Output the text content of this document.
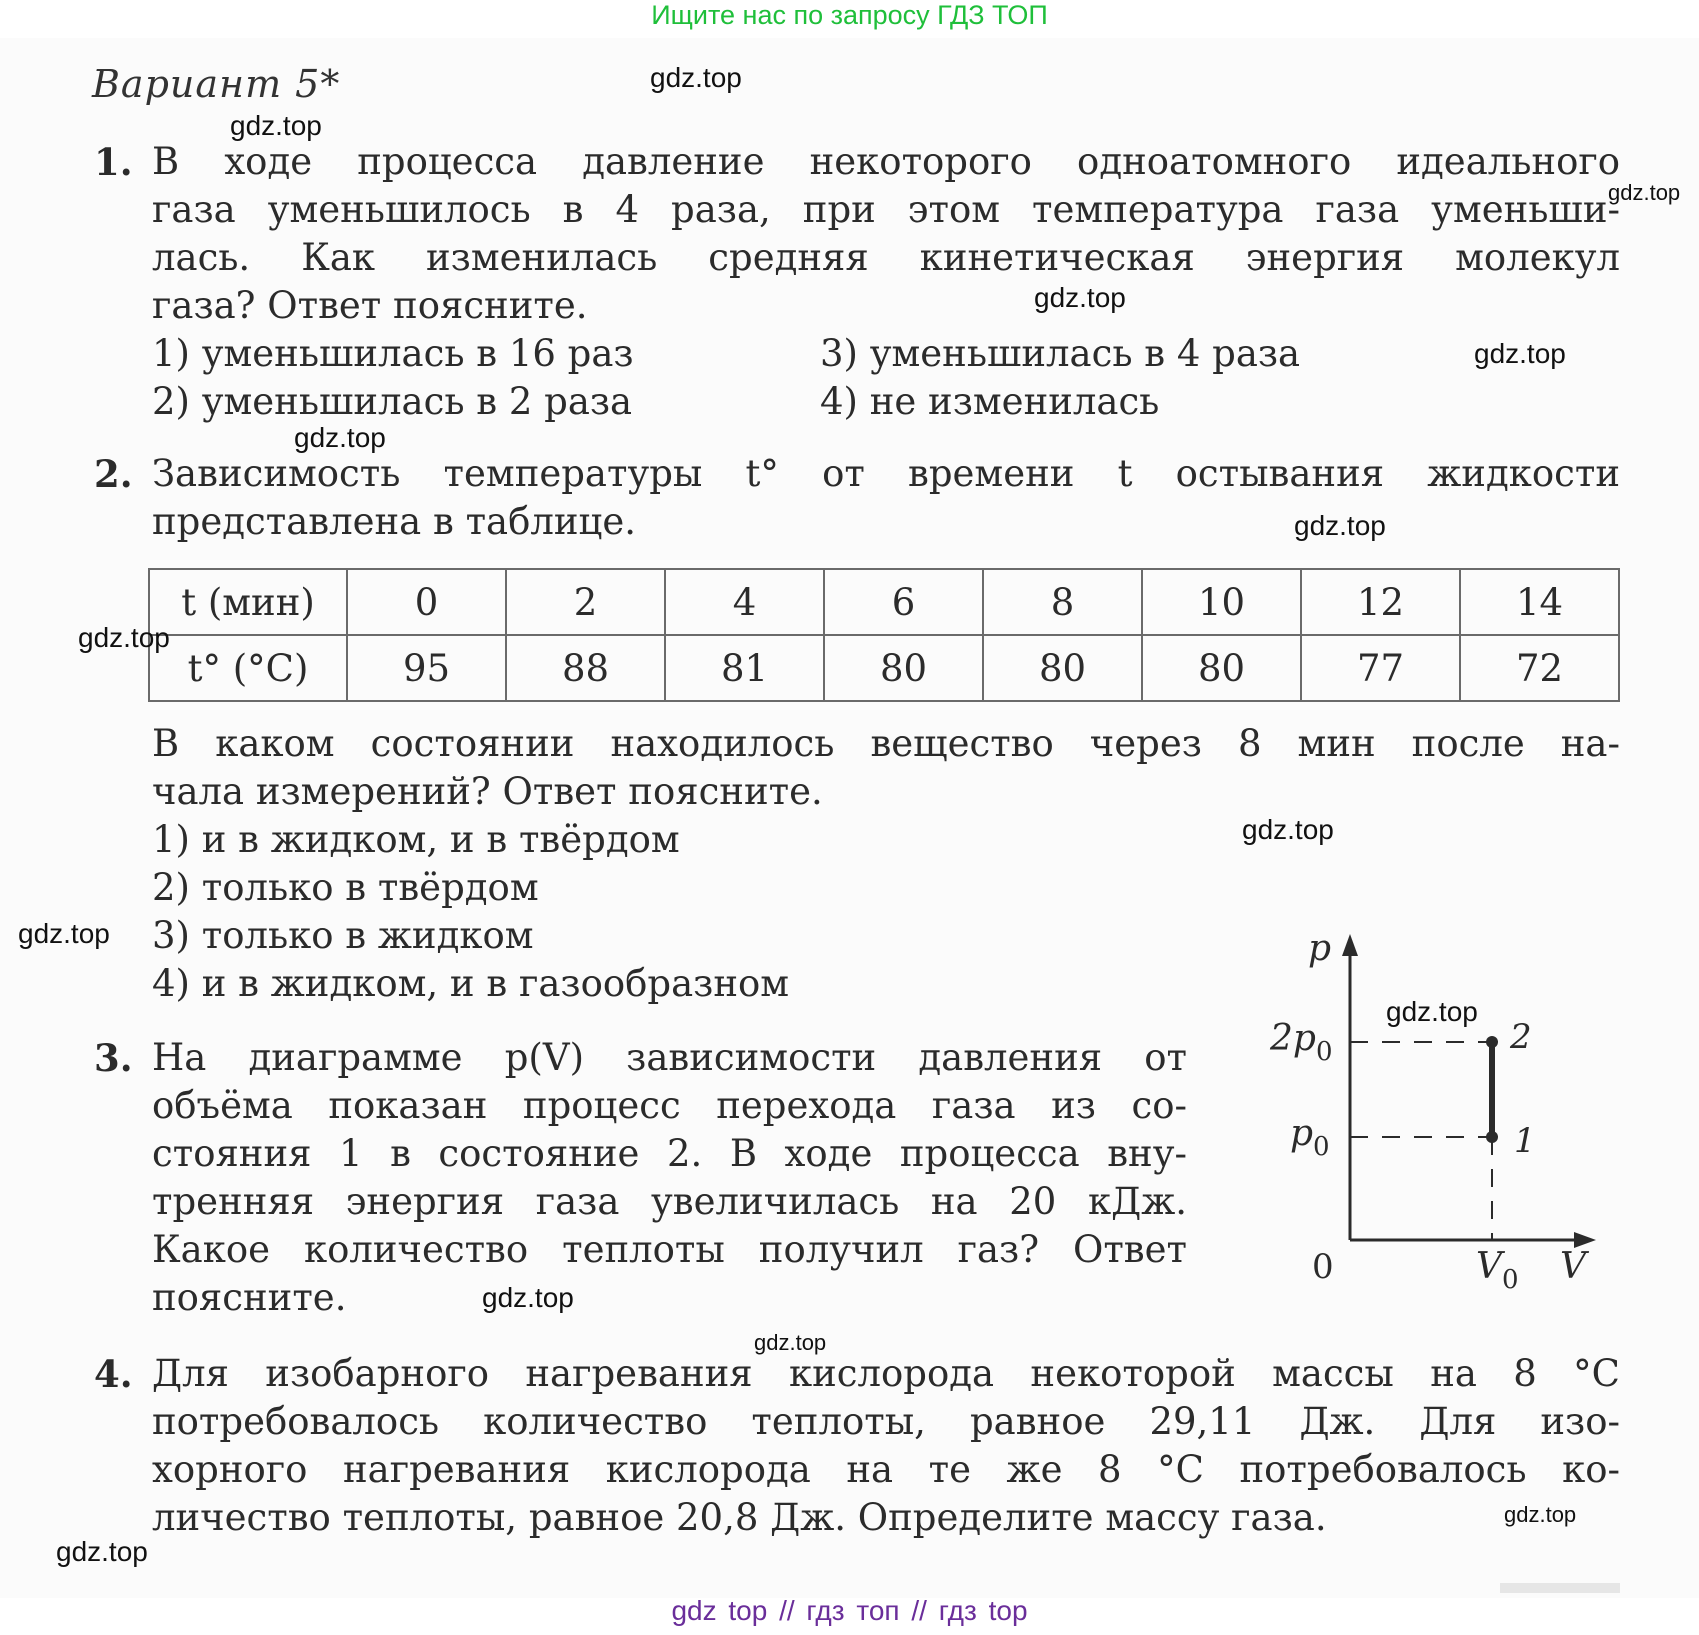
Ищите нас по запросу ГДЗ ТОП
Вариант 5*
1. В ходе процесса давление некоторого одноатомного идеального
газа уменьшилось в 4 раза, при этом температура газа уменьши-
лась. Как изменилась средняя кинетическая энергия молекул
газа? Ответ поясните.
1) уменьшилась в 16 раз
2) уменьшилась в 2 раза
3) уменьшилась в 4 раза
4) не изменилась
2. Зависимость температуры t° от времени t остывания жидкости
представлена в таблице.
t (мин)	0	2	4	6	8	10	12	14
t° (°C)	95	88	81	80	80	80	77	72
В каком состоянии находилось вещество через 8 мин после на-
чала измерений? Ответ поясните.
1) и в жидком, и в твёрдом
2) только в твёрдом
3) только в жидком
4) и в жидком, и в газообразном
3. На диаграмме p(V) зависимости давления от
объёма показан процесс перехода газа из со-
стояния 1 в состояние 2. В ходе процесса вну-
тренняя энергия газа увеличилась на 20 кДж.
Какое количество теплоты получил газ? Ответ
поясните.
p
$2p_0$
$p_0$
0	$V_0$ V
2
1
4. Для изобарного нагревания кислорода некоторой массы на 8 °C
потребовалось количество теплоты, равное 29,11 Дж. Для изо-
хорного нагревания кислорода на те же 8 °C потребовалось ко-
личество теплоты, равное 20,8 Дж. Определите массу газа.
gdz.top
gdz.top
gdz.top
gdz.top
gdz.top
gdz.top
gdz.top
gdz.top
gdz.top
gdz.top
gdz.top
gdz.top
gdz.top
gdz.top
gdz.top
gdz top // гдз топ // гдз top
